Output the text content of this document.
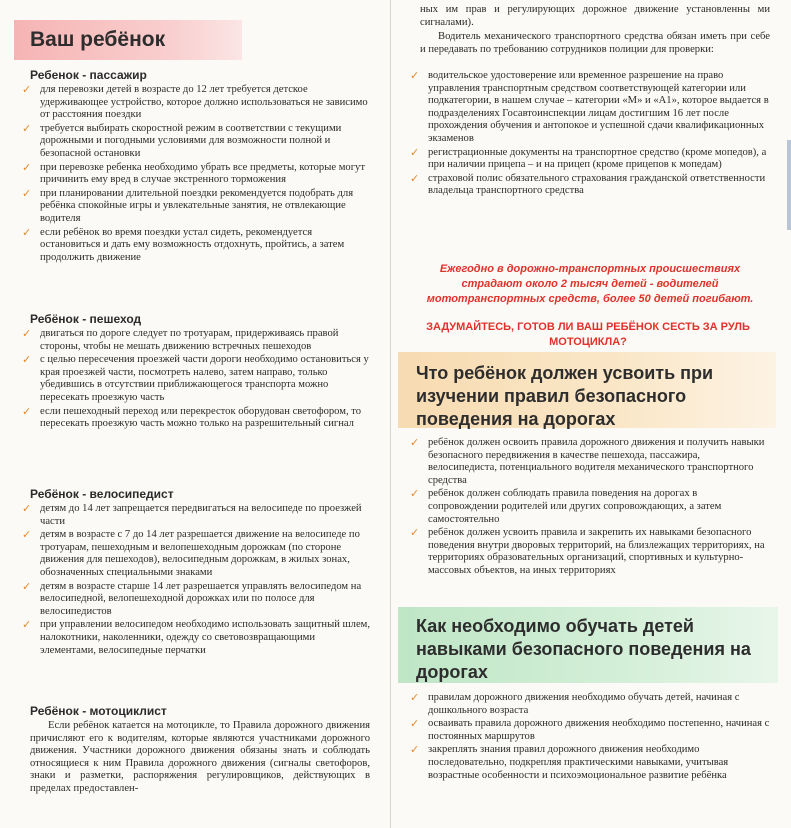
Ваш ребёнок
Ребенок - пассажир
✓ для перевозки детей в возрасте до 12 лет требуется детское удерживающее устройство, которое должно использоваться не зависимо от расстояния поездки
✓ требуется выбирать скоростной режим в соответствии с текущими дорожными и погодными условиями для возможности полной и безопасной остановки
✓ при перевозке ребенка необходимо убрать все предметы, которые могут причинить ему вред в случае экстренного торможения
✓ при планировании длительной поездки рекомендуется подобрать для ребёнка спокойные игры и увлекательные занятия, не отвлекающие водителя
✓ если ребёнок во время поездки устал сидеть, рекомендуется остановиться и дать ему возможность отдохнуть, пройтись, а затем продолжить движение
Ребёнок - пешеход
✓ двигаться по дороге следует по тротуарам, придерживаясь правой стороны, чтобы не мешать движению встречных пешеходов
✓ с целью пересечения проезжей части дороги необходимо остановиться у края проезжей части, посмотреть налево, затем направо, только убедившись в отсутствии приближающегося транспорта можно пересекать проезжую часть
✓ если пешеходный переход или перекресток оборудован светофором, то пересекать проезжую часть можно только на разрешительный сигнал
Ребёнок - велосипедист
✓ детям до 14 лет запрещается передвигаться на велосипеде по проезжей части
✓ детям в возрасте с 7 до 14 лет разрешается движение на велосипеде по тротуарам, пешеходным и велопешеходным дорожкам (по стороне движения для пешеходов), велосипедным дорожкам, в жилых зонах, обозначенных специальными знаками
✓ детям в возрасте старше 14 лет разрешается управлять велосипедом на велосипедной, велопешеходной дорожках или по полосе для велосипедистов
✓ при управлении велосипедом необходимо использовать защитный шлем, налокотники, наколенники, одежду со световозвращающими элементами, велосипедные перчатки
Ребёнок - мотоциклист

Если ребёнок катается на мотоцикле, то Правила дорожного движения причисляют его к водителям, которые являются участниками дорожного движения. Участники дорожного движения обязаны знать и соблюдать относящиеся к ним Правила дорожного движения (сигналы светофоров, знаки и разметки, распоряжения регулировщиков, действующих в пределах предоставлен-

ных им прав и регулирующих дорожное движение установленны ми сигналами).

Водитель механического транспортного средства обязан иметь при себе и передавать по требованию сотрудников полиции для проверки:

✓ водительское удостоверение или временное разрешение на право управления транспортным средством соответствующей категории или подкатегории, в нашем случае – категории «М» и «A1», которое выдается в подразделениях Госавтоинспекции лицам достигшим 16 лет после прохождения обучения и антопокое и успешной сдачи квалификационных экзаменов
✓ регистрационные документы на транспортное средство (кроме мопедов), а при наличии прицепа – и на прицеп (кроме прицепов к мопедам)
✓ страховой полис обязательного страхования гражданской ответственности владельца транспортного средства
Ежегодно в дорожно-транспортных происшествиях страдают около 2 тысяч детей - водителей мототранспортных средств, более 50 детей погибают.
ЗАДУМАЙТЕСЬ, ГОТОВ ЛИ ВАШ РЕБЁНОК СЕСТЬ ЗА РУЛЬ МОТОЦИКЛА?
Что ребёнок должен усвоить при изучении правил безопасного поведения на дорогах
✓ ребёнок должен освоить правила дорожного движения и получить навыки безопасного передвижения в качестве пешехода, пассажира, велосипедиста, потенциального водителя механического транспортного средства
✓ ребёнок должен соблюдать правила поведения на дорогах в сопровождении родителей или других сопровождающих, а затем самостоятельно
✓ ребёнок должен усвоить правила и закрепить их навыками безопасного поведения внутри дворовых территорий, на близлежащих территориях, на территориях образовательных организаций, спортивных и культурно-массовых объектов, на иных территориях
Как необходимо обучать детей навыками безопасного поведения на дорогах
✓ правилам дорожного движения необходимо обучать детей, начиная с дошкольного возраста
✓ осваивать правила дорожного движения необходимо постепенно, начиная с постоянных маршрутов
✓ закреплять знания правил дорожного движения необходимо последовательно, подкрепляя практическими навыками, учитывая возрастные особенности и психоэмоциональное развитие ребёнка
